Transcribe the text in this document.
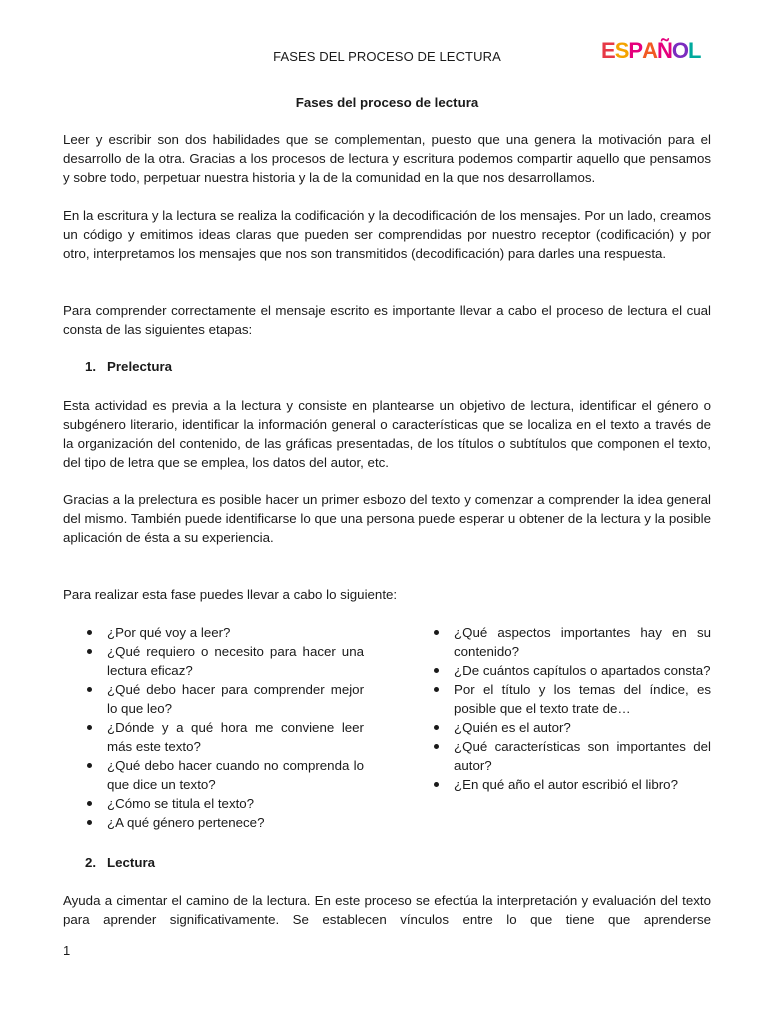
FASES DEL PROCESO DE LECTURA	ESPAÑOL
Fases del proceso de lectura

Leer y escribir son dos habilidades que se complementan, puesto que una genera la motivación para el desarrollo de la otra. Gracias a los procesos de lectura y escritura podemos compartir aquello que pensamos y sobre todo, perpetuar nuestra historia y la de la comunidad en la que nos desarrollamos.

En la escritura y la lectura se realiza la codificación y la decodificación de los mensajes. Por un lado, creamos un código y emitimos ideas claras que pueden ser comprendidas por nuestro receptor (codificación) y por otro, interpretamos los mensajes que nos son transmitidos (decodificación) para darles una respuesta.

Para comprender correctamente el mensaje escrito es importante llevar a cabo el proceso de lectura el cual consta de las siguientes etapas:

1. Prelectura

Esta actividad es previa a la lectura y consiste en plantearse un objetivo de lectura, identificar el género o subgénero literario, identificar la información general o características que se localiza en el texto a través de la organización del contenido, de las gráficas presentadas, de los títulos o subtítulos que componen el texto, del tipo de letra que se emplea, los datos del autor, etc.

Gracias a la prelectura es posible hacer un primer esbozo del texto y comenzar a comprender la idea general del mismo. También puede identificarse lo que una persona puede esperar u obtener de la lectura y la posible aplicación de ésta a su experiencia.

Para realizar esta fase puedes llevar a cabo lo siguiente:

¿Por qué voy a leer?
¿Qué requiero o necesito para hacer una lectura eficaz?
¿Qué debo hacer para comprender mejor lo que leo?
¿Dónde y a qué hora me conviene leer más este texto?
¿Qué debo hacer cuando no comprenda lo que dice un texto?
¿Cómo se titula el texto?
¿A qué género pertenece?
¿Qué aspectos importantes hay en su contenido?
¿De cuántos capítulos o apartados consta?
Por el título y los temas del índice, es posible que el texto trate de…
¿Quién es el autor?
¿Qué características son importantes del autor?
¿En qué año el autor escribió el libro?
2. Lectura

Ayuda a cimentar el camino de la lectura. En este proceso se efectúa la interpretación y evaluación del texto para aprender significativamente. Se establecen vínculos entre lo que tiene que aprenderse

1
